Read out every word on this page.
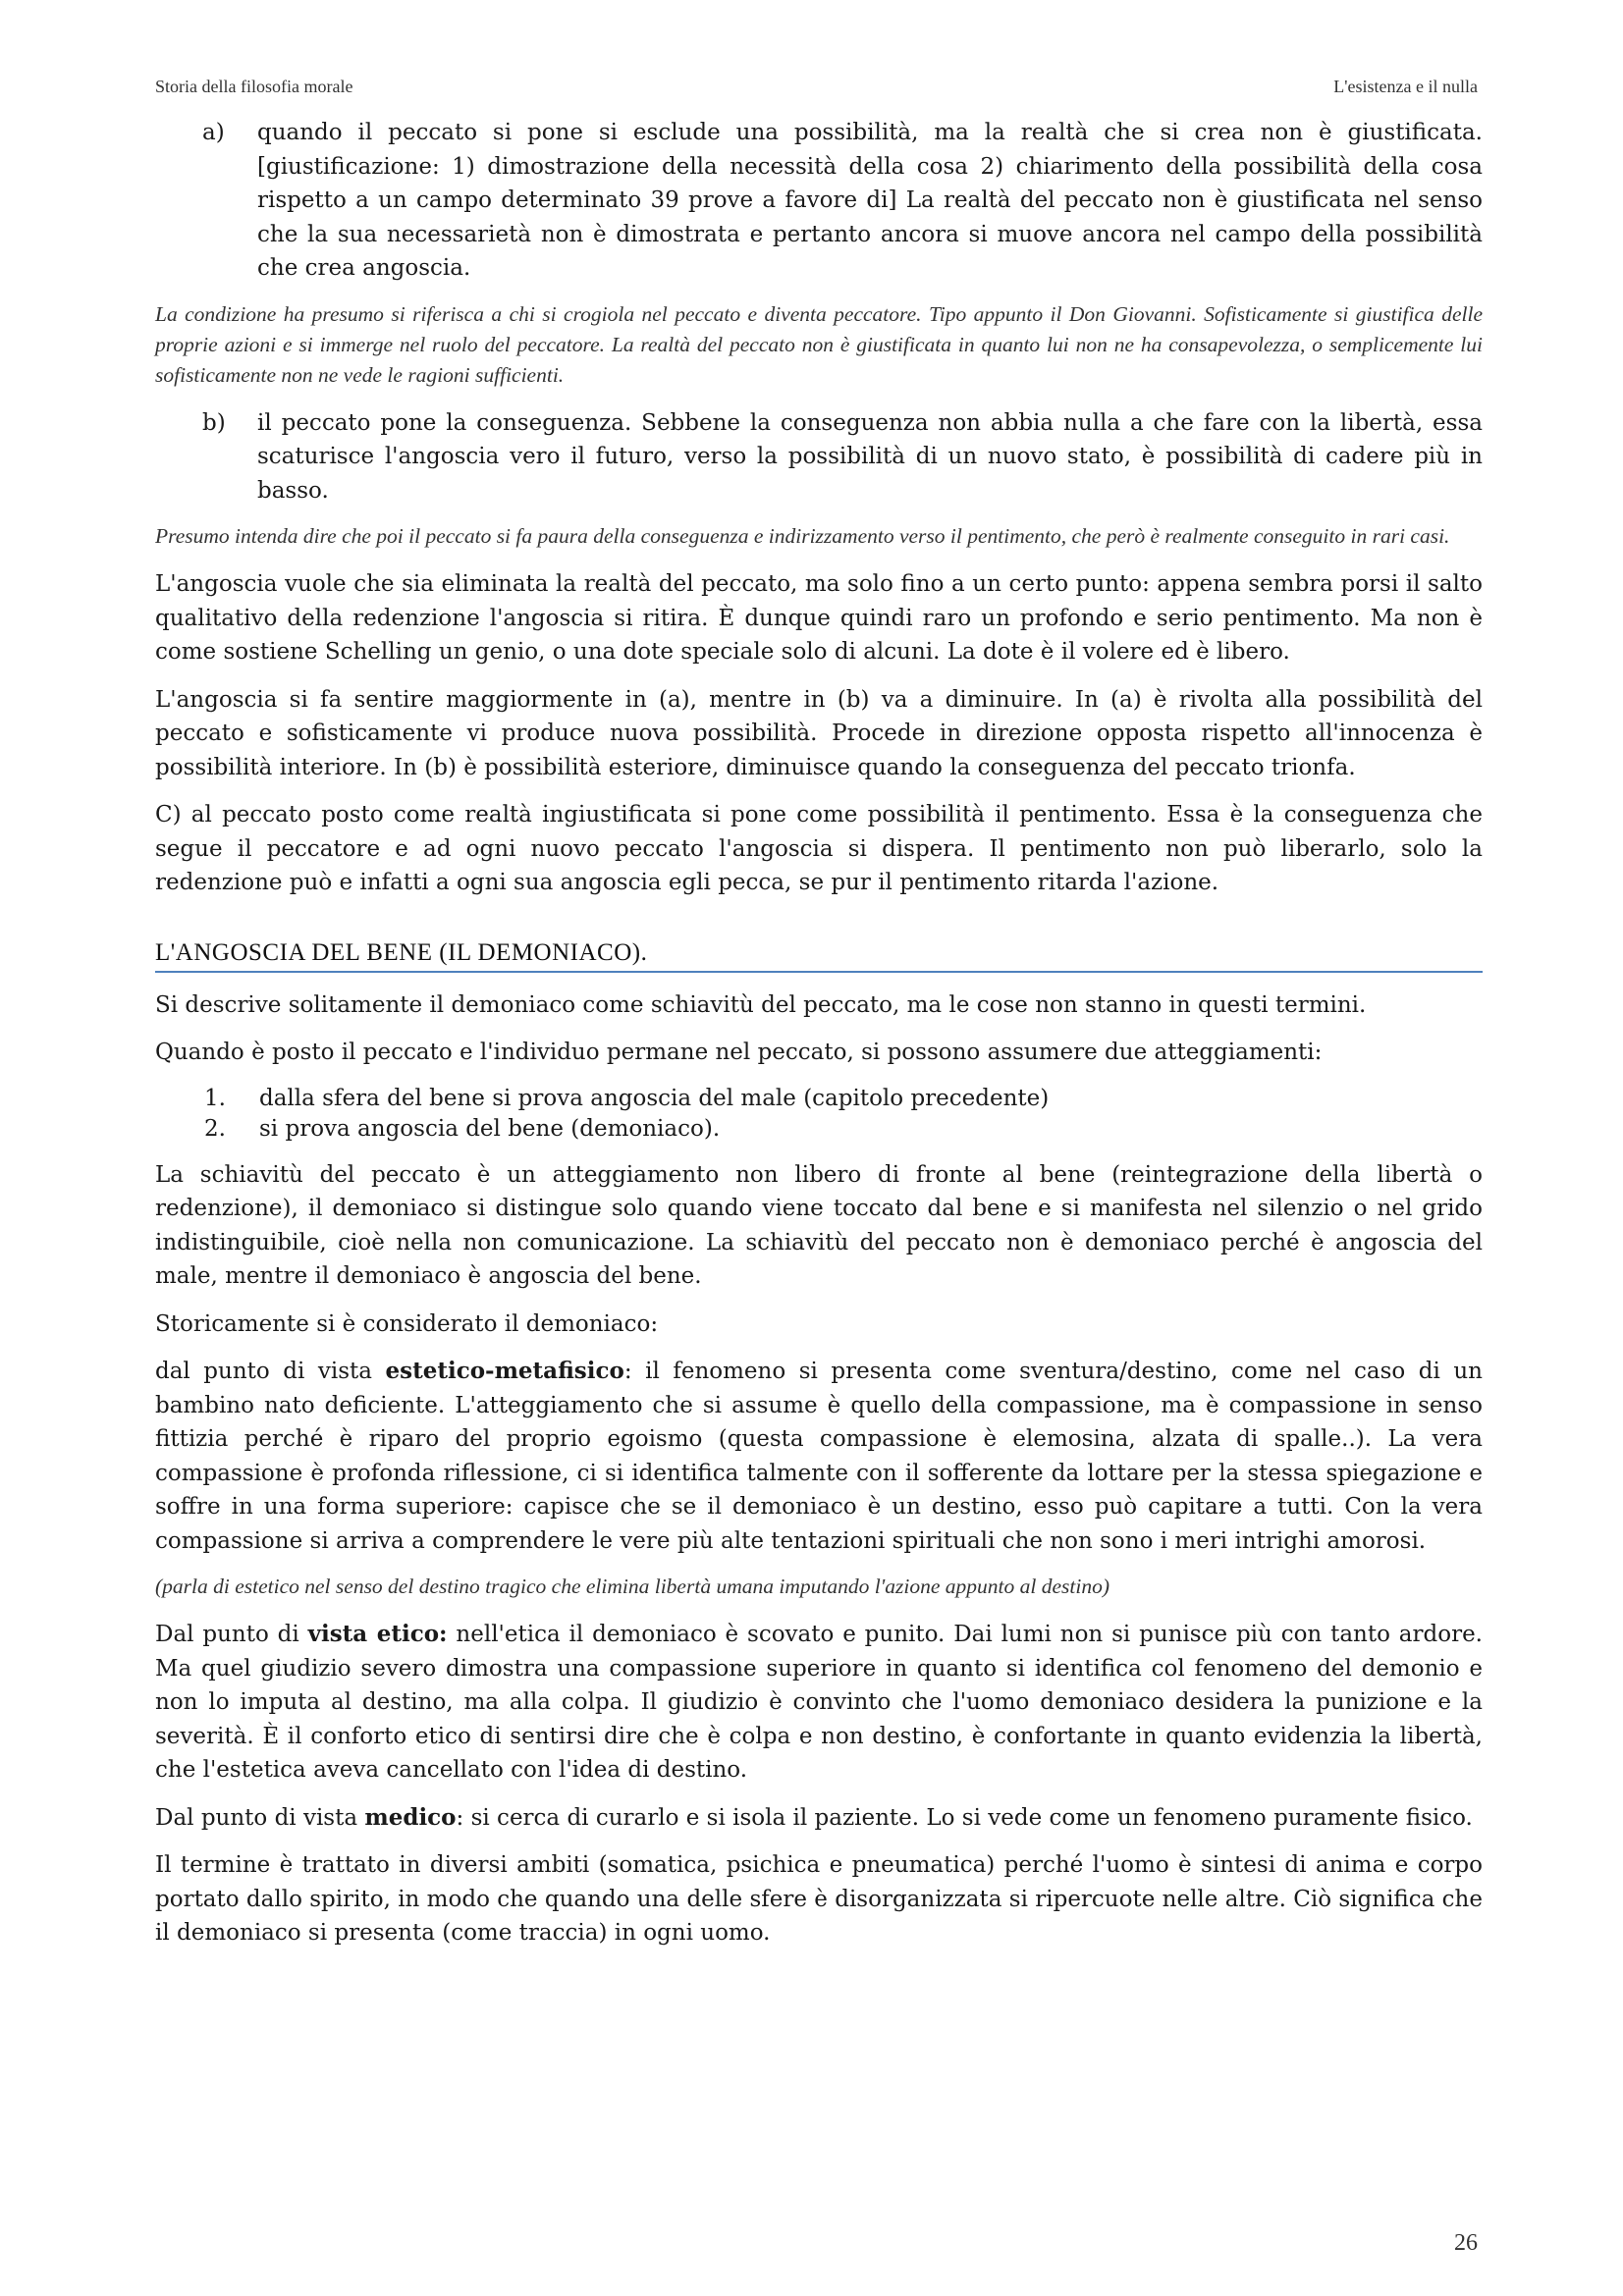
Storia della filosofia morale	L'esistenza e il nulla
a)	quando il peccato si pone si esclude una possibilità, ma la realtà che si crea non è giustificata. [giustificazione: 1) dimostrazione della necessità della cosa 2) chiarimento della possibilità della cosa rispetto a un campo determinato 39 prove a favore di] La realtà del peccato non è giustificata nel senso che la sua necessarietà non è dimostrata e pertanto ancora si muove ancora nel campo della possibilità che crea angoscia.

La condizione ha presumo si riferisca a chi si crogiola nel peccato e diventa peccatore. Tipo appunto il Don Giovanni. Sofisticamente si giustifica delle proprie azioni e si immerge nel ruolo del peccatore. La realtà del peccato non è giustificata in quanto lui non ne ha consapevolezza, o semplicemente lui sofisticamente non ne vede le ragioni sufficienti.

b)	il peccato pone la conseguenza. Sebbene la conseguenza non abbia nulla a che fare con la libertà, essa scaturisce l'angoscia vero il futuro, verso la possibilità di un nuovo stato, è possibilità di cadere più in basso.

Presumo intenda dire che poi il peccato si fa paura della conseguenza e indirizzamento verso il pentimento, che però è realmente conseguito in rari casi.

L'angoscia vuole che sia eliminata la realtà del peccato, ma solo fino a un certo punto: appena sembra porsi il salto qualitativo della redenzione l'angoscia si ritira. È dunque quindi raro un profondo e serio pentimento. Ma non è come sostiene Schelling un genio, o una dote speciale solo di alcuni. La dote è il volere ed è libero.

L'angoscia si fa sentire maggiormente in (a), mentre in (b) va a diminuire. In (a) è rivolta alla possibilità del peccato e sofisticamente vi produce nuova possibilità. Procede in direzione opposta rispetto all'innocenza è possibilità interiore. In (b) è possibilità esteriore, diminuisce quando la conseguenza del peccato trionfa.

C) al peccato posto come realtà ingiustificata si pone come possibilità il pentimento. Essa è la conseguenza che segue il peccatore e ad ogni nuovo peccato l'angoscia si dispera. Il pentimento non può liberarlo, solo la redenzione può e infatti a ogni sua angoscia egli pecca, se pur il pentimento ritarda l'azione.

L'ANGOSCIA DEL BENE (IL DEMONIACO).

Si descrive solitamente il demoniaco come schiavitù del peccato, ma le cose non stanno in questi termini.

Quando è posto il peccato e l'individuo permane nel peccato, si possono assumere due atteggiamenti:

1.	dalla sfera del bene si prova angoscia del male (capitolo precedente)
2.	si prova angoscia del bene (demoniaco).

La schiavitù del peccato è un atteggiamento non libero di fronte al bene (reintegrazione della libertà o redenzione), il demoniaco si distingue solo quando viene toccato dal bene e si manifesta nel silenzio o nel grido indistinguibile, cioè nella non comunicazione. La schiavitù del peccato non è demoniaco perché è angoscia del male, mentre il demoniaco è angoscia del bene.

Storicamente si è considerato il demoniaco:

dal punto di vista estetico-metafisico: il fenomeno si presenta come sventura/destino, come nel caso di un bambino nato deficiente. L'atteggiamento che si assume è quello della compassione, ma è compassione in senso fittizia perché è riparo del proprio egoismo (questa compassione è elemosina, alzata di spalle..). La vera compassione è profonda riflessione, ci si identifica talmente con il sofferente da lottare per la stessa spiegazione e soffre in una forma superiore: capisce che se il demoniaco è un destino, esso può capitare a tutti. Con la vera compassione si arriva a comprendere le vere più alte tentazioni spirituali che non sono i meri intrighi amorosi.

(parla di estetico nel senso del destino tragico che elimina libertà umana imputando l'azione appunto al destino)

Dal punto di vista etico: nell'etica il demoniaco è scovato e punito. Dai lumi non si punisce più con tanto ardore. Ma quel giudizio severo dimostra una compassione superiore in quanto si identifica col fenomeno del demonio e non lo imputa al destino, ma alla colpa. Il giudizio è convinto che l'uomo demoniaco desidera la punizione e la severità. È il conforto etico di sentirsi dire che è colpa e non destino, è confortante in quanto evidenzia la libertà, che l'estetica aveva cancellato con l'idea di destino.

Dal punto di vista medico: si cerca di curarlo e si isola il paziente. Lo si vede come un fenomeno puramente fisico.

Il termine è trattato in diversi ambiti (somatica, psichica e pneumatica) perché l'uomo è sintesi di anima e corpo portato dallo spirito, in modo che quando una delle sfere è disorganizzata si ripercuote nelle altre. Ciò significa che il demoniaco si presenta (come traccia) in ogni uomo.

26
